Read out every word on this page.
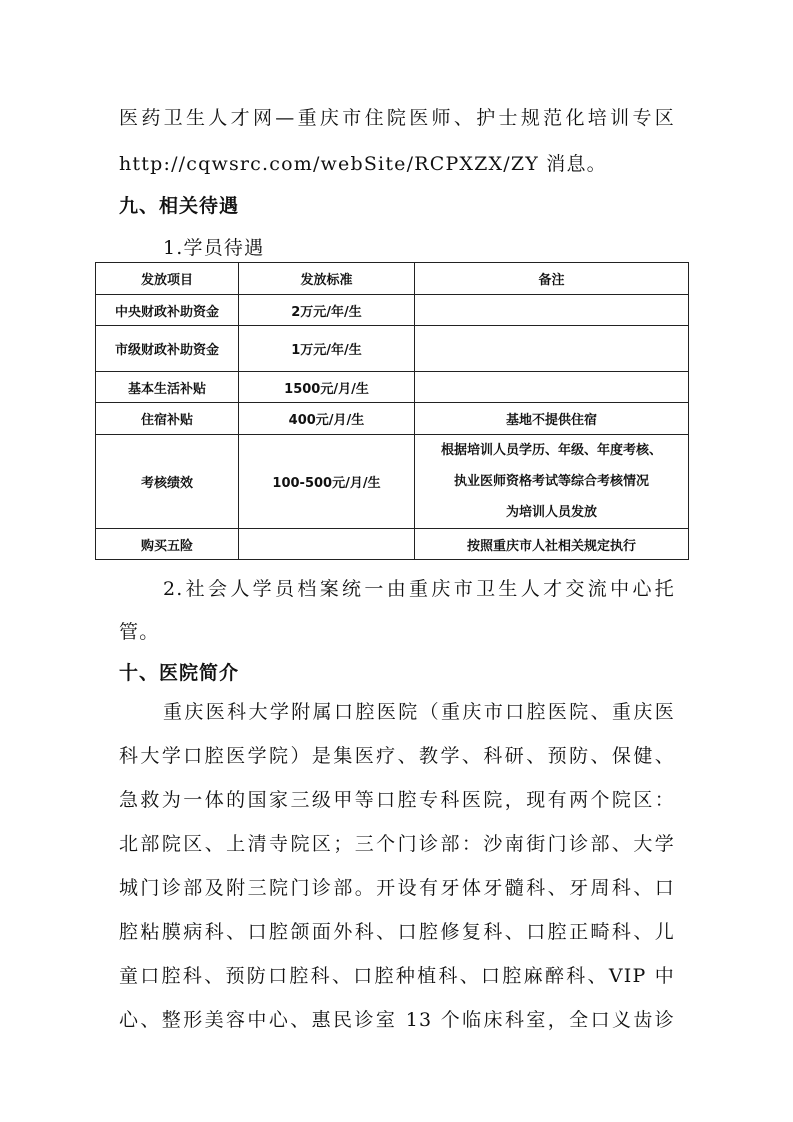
医药卫生人才网—重庆市住院医师、护士规范化培训专区
http://cqwsrc.com/webSite/RCPXZX/ZY 消息。
九、相关待遇
1.学员待遇
发放项目	发放标准	备注
中央财政补助资金	2万元/年/生	
市级财政补助资金	1万元/年/生	
基本生活补贴	1500元/月/生	
住宿补贴	400元/月/生	基地不提供住宿
考核绩效	100-500元/月/生	根据培训人员学历、年级、年度考核、
执业医师资格考试等综合考核情况
为培训人员发放

购买五险		按照重庆市人社相关规定执行
2.社会人学员档案统一由重庆市卫生人才交流中心托
管。
十、医院简介
重庆医科大学附属口腔医院（重庆市口腔医院、重庆医
科大学口腔医学院）是集医疗、教学、科研、预防、保健、
急救为一体的国家三级甲等口腔专科医院，现有两个院区：
北部院区、上清寺院区；三个门诊部：沙南街门诊部、大学
城门诊部及附三院门诊部。开设有牙体牙髓科、牙周科、口
腔粘膜病科、口腔颌面外科、口腔修复科、口腔正畸科、儿
童口腔科、预防口腔科、口腔种植科、口腔麻醉科、VIP 中
心、整形美容中心、惠民诊室 13 个临床科室，全口义齿诊
